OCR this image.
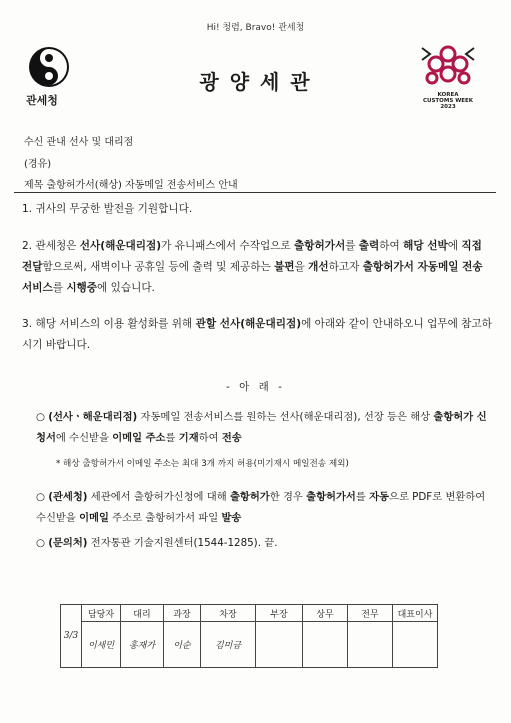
Hi! 청렴, Bravo! 관세청
관세청
광 양 세 관
KOREA
CUSTOMS WEEK
2023
수신 관내 선사 및 대리점
(경유)
제목 출항허가서(해상) 자동메일 전송서비스 안내
1. 귀사의 무궁한 발전을 기원합니다.
2. 관세청은 선사(해운대리점)가 유니패스에서 수작업으로 출항허가서를 출력하여 해당 선박에 직접 전달함으로써, 새벽이나 공휴일 등에 출력 및 제공하는 불편을 개선하고자 출항허가서 자동메일 전송서비스를 시행중에 있습니다.
3. 해당 서비스의 이용 활성화를 위해 관할 선사(해운대리점)에 아래와 같이 안내하오니 업무에 참고하시기 바랍니다.
- 아 래 -
○ (선사ㆍ해운대리점) 자동메일 전송서비스를 원하는 선사(해운대리점), 선장 등은 해상 출항허가 신청서에 수신받을 이메일 주소를 기재하여 전송
* 해상 출항허가서 이메일 주소는 최대 3개 까지 허용(미기재시 메일전송 제외)
○ (관세청) 세관에서 출항허가신청에 대해 출항허가한 경우 출항허가서를 자동으로 PDF로 변환하여 수신받을 이메일 주소로 출항허가서 파일 발송
○ (문의처) 전자통관 기술지원센터(1544-1285). 끝.
3/3	담당자	대리	과장	차장	부장	상무	전무	대표이사
	이세민	홍재가	이순	김미금				
